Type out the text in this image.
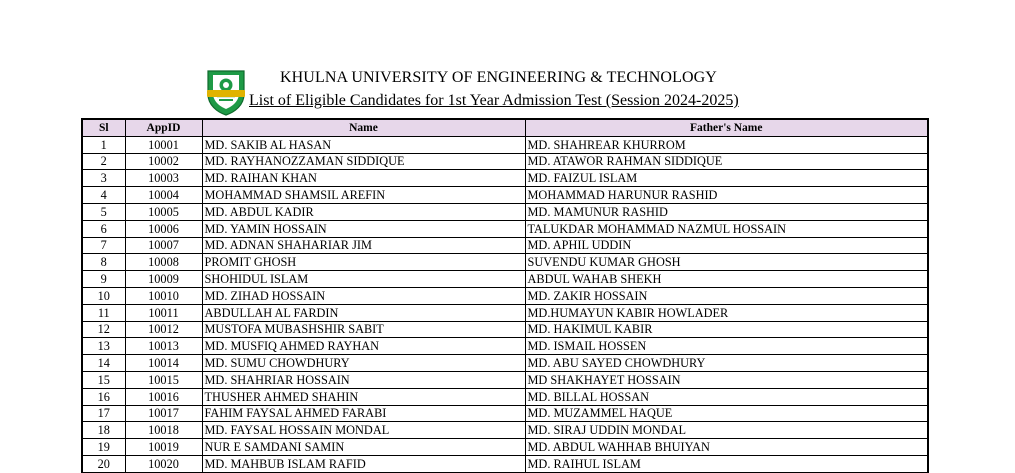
KHULNA UNIVERSITY OF ENGINEERING & TECHNOLOGY
List of Eligible Candidates for 1st Year Admission Test (Session 2024-2025)
Sl	AppID	Name	Father's Name
1	10001	MD. SAKIB AL HASAN	MD. SHAHREAR KHURROM
2	10002	MD. RAYHANOZZAMAN SIDDIQUE	MD. ATAWOR RAHMAN SIDDIQUE
3	10003	MD. RAIHAN KHAN	MD. FAIZUL ISLAM
4	10004	MOHAMMAD SHAMSIL AREFIN	MOHAMMAD HARUNUR RASHID
5	10005	MD. ABDUL KADIR	MD. MAMUNUR RASHID
6	10006	MD. YAMIN HOSSAIN	TALUKDAR MOHAMMAD NAZMUL HOSSAIN
7	10007	MD. ADNAN SHAHARIAR JIM	MD. APHIL UDDIN
8	10008	PROMIT GHOSH	SUVENDU KUMAR GHOSH
9	10009	SHOHIDUL ISLAM	ABDUL WAHAB SHEKH
10	10010	MD. ZIHAD HOSSAIN	MD. ZAKIR HOSSAIN
11	10011	ABDULLAH AL FARDIN	MD.HUMAYUN KABIR HOWLADER
12	10012	MUSTOFA MUBASHSHIR SABIT	MD. HAKIMUL KABIR
13	10013	MD. MUSFIQ AHMED RAYHAN	MD. ISMAIL HOSSEN
14	10014	MD. SUMU CHOWDHURY	MD. ABU SAYED CHOWDHURY
15	10015	MD. SHAHRIAR HOSSAIN	MD SHAKHAYET HOSSAIN
16	10016	THUSHER AHMED SHAHIN	MD. BILLAL HOSSAN
17	10017	FAHIM FAYSAL AHMED FARABI	MD. MUZAMMEL HAQUE
18	10018	MD. FAYSAL HOSSAIN MONDAL	MD. SIRAJ UDDIN MONDAL
19	10019	NUR E SAMDANI SAMIN	MD. ABDUL WAHHAB BHUIYAN
20	10020	MD. MAHBUB ISLAM RAFID	MD. RAIHUL ISLAM
